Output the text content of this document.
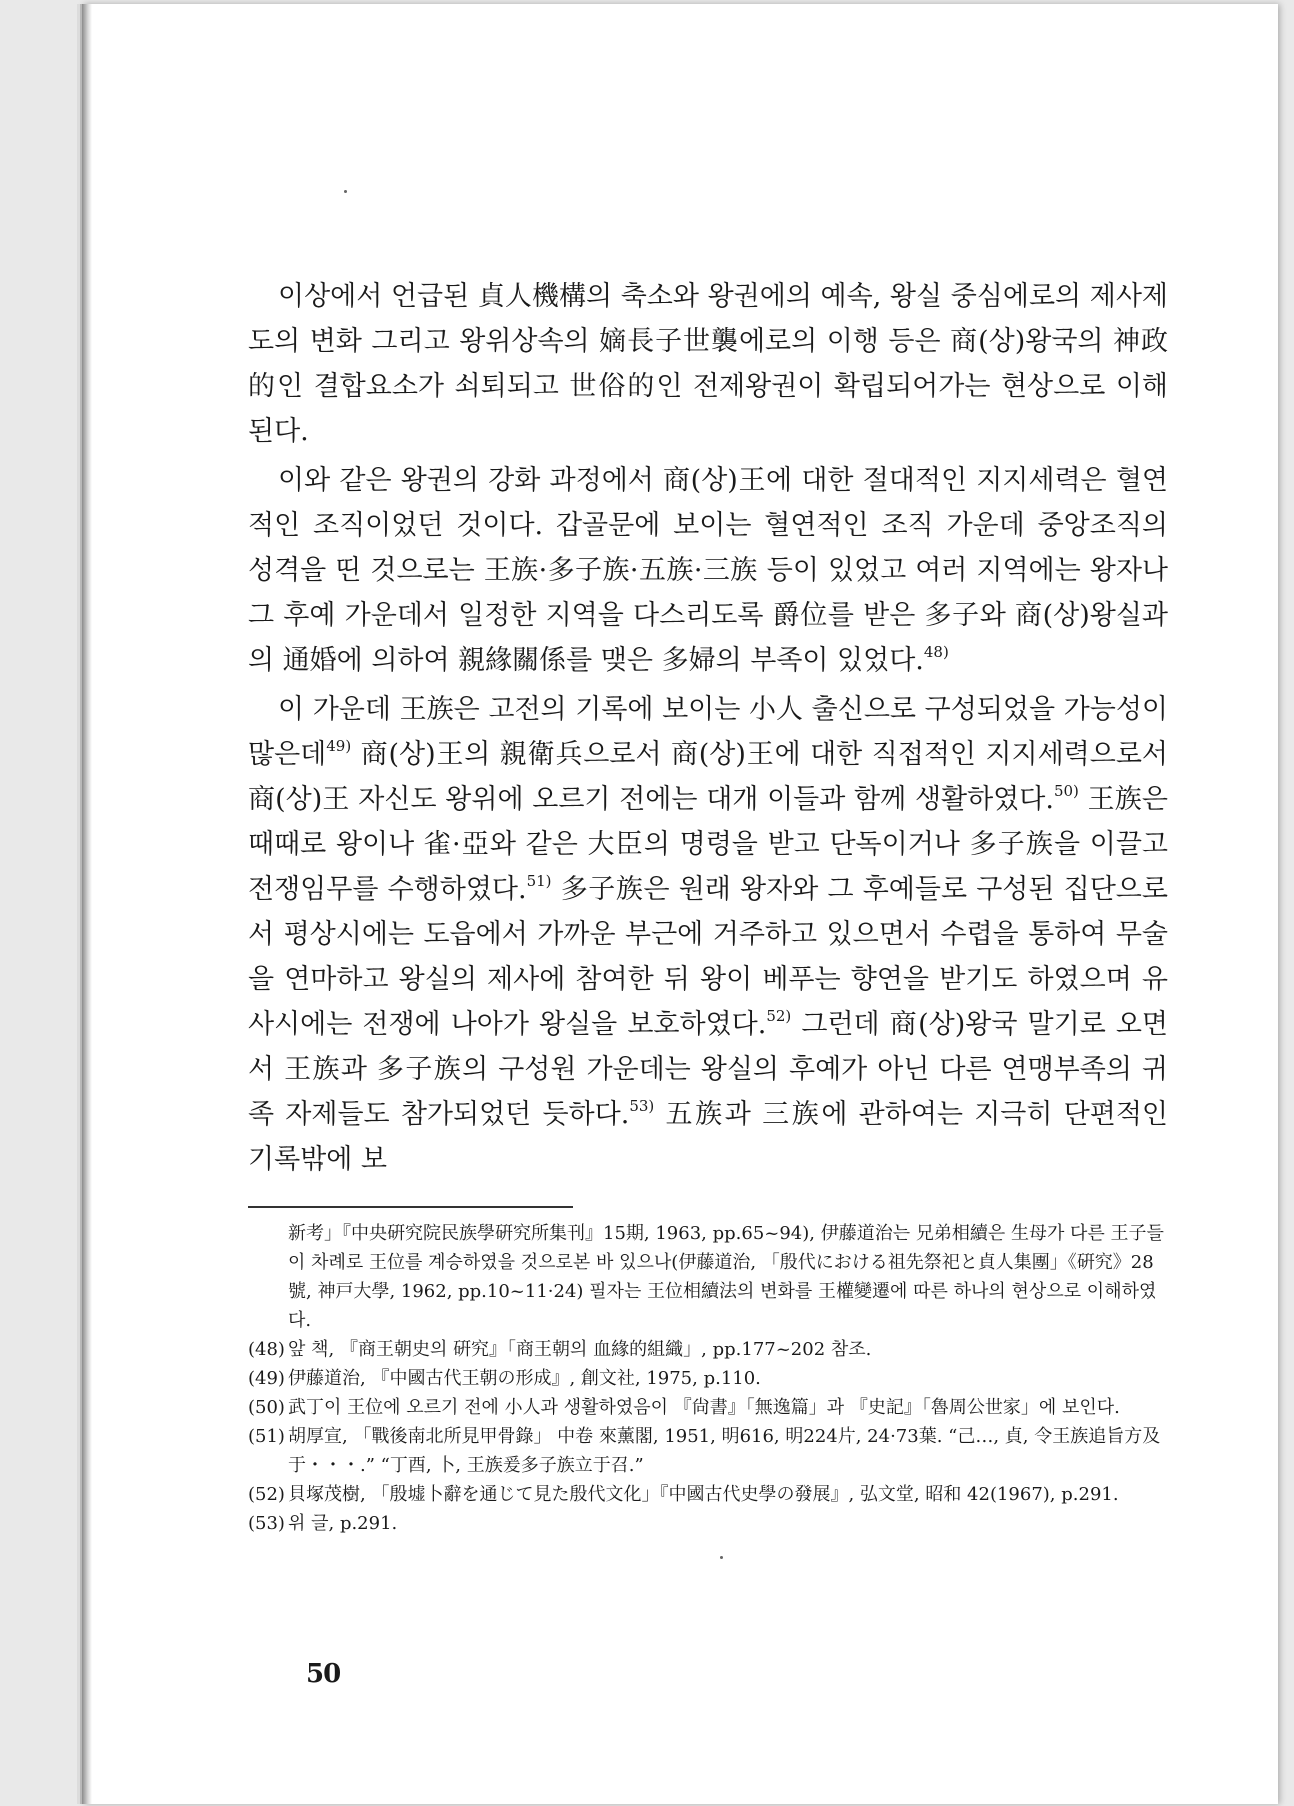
이상에서 언급된 貞人機構의 축소와 왕권에의 예속, 왕실 중심에로의 제사제도의 변화 그리고 왕위상속의 嫡長子世襲에로의 이행 등은 商(상)왕국의 神政的인 결합요소가 쇠퇴되고 世俗的인 전제왕권이 확립되어가는 현상으로 이해된다.

이와 같은 왕권의 강화 과정에서 商(상)王에 대한 절대적인 지지세력은 혈연적인 조직이었던 것이다. 갑골문에 보이는 혈연적인 조직 가운데 중앙조직의 성격을 띤 것으로는 王族·多子族·五族·三族 등이 있었고 여러 지역에는 왕자나 그 후예 가운데서 일정한 지역을 다스리도록 爵位를 받은 多子와 商(상)왕실과의 通婚에 의하여 親緣關係를 맺은 多婦의 부족이 있었다.$^{48)}$

이 가운데 王族은 고전의 기록에 보이는 小人 출신으로 구성되었을 가능성이 많은데$^{49)}$ 商(상)王의 親衛兵으로서 商(상)王에 대한 직접적인 지지세력으로서 商(상)王 자신도 왕위에 오르기 전에는 대개 이들과 함께 생활하였다.$^{50)}$ 王族은 때때로 왕이나 雀·亞와 같은 大臣의 명령을 받고 단독이거나 多子族을 이끌고 전쟁임무를 수행하였다.$^{51)}$ 多子族은 원래 왕자와 그 후예들로 구성된 집단으로서 평상시에는 도읍에서 가까운 부근에 거주하고 있으면서 수렵을 통하여 무술을 연마하고 왕실의 제사에 참여한 뒤 왕이 베푸는 향연을 받기도 하였으며 유사시에는 전쟁에 나아가 왕실을 보호하였다.$^{52)}$ 그런데 商(상)왕국 말기로 오면서 王族과 多子族의 구성원 가운데는 왕실의 후예가 아닌 다른 연맹부족의 귀족 자제들도 참가되었던 듯하다.$^{53)}$ 五族과 三族에 관하여는 지극히 단편적인 기록밖에 보

新考」『中央硏究院民族學硏究所集刊』15期, 1963, pp.65~94), 伊藤道治는 兄弟相續은 生母가 다른 王子들이 차례로 王位를 계승하였을 것으로본 바 있으나(伊藤道治, 「殷代における祖先祭祀と貞人集團」《硏究》28號, 神戸大學, 1962, pp.10~11·24) 필자는 王位相續法의 변화를 王權變遷에 따른 하나의 현상으로 이해하였다.
(48) 앞 책, 『商王朝史의 硏究』「商王朝의 血緣的組織」, pp.177~202 참조.
(49) 伊藤道治, 『中國古代王朝の形成』, 創文社, 1975, p.110.
(50) 武丁이 王位에 오르기 전에 小人과 생활하였음이 『尙書』「無逸篇」과 『史記』「魯周公世家」에 보인다.
(51) 胡厚宣, 「戰後南北所見甲骨錄」 中卷 來薰閣, 1951, 明616, 明224片, 24·73葉. “己…, 貞, 令王族追旨方及于・・・.” “丁酉, 卜, 王族爰多子族立于召.”
(52) 貝塚茂樹, 「殷墟卜辭を通じて見た殷代文化」『中國古代史學の發展』, 弘文堂, 昭和 42(1967), p.291.
(53) 위 글, p.291.
50
